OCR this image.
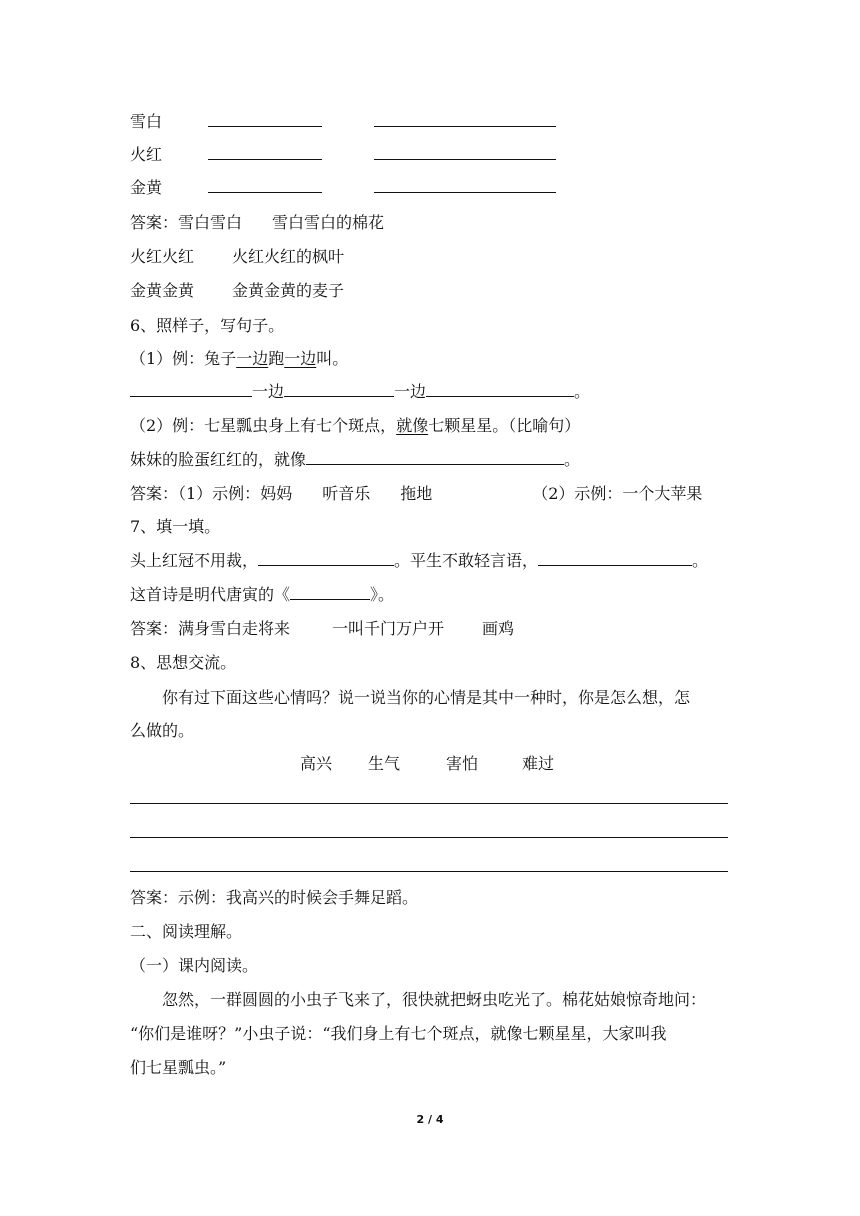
雪白
火红
金黄
答案：雪白雪白 雪白雪白的棉花
火红火红 火红火红的枫叶
金黄金黄 金黄金黄的麦子
6、照样子，写句子。
（1）例：兔子一边跑一边叫。
一边	一边	。
（2）例：七星瓢虫身上有七个斑点，就像七颗星星。（比喻句）
妹妹的脸蛋红红的，就像	。
答案：（1）示例：妈妈 听音乐 拖地	（2）示例：一个大苹果
7、填一填。
头上红冠不用裁，	。平生不敢轻言语，	。
这首诗是明代唐寅的《	》。
答案：满身雪白走将来	一叫千门万户开 画鸡
8、思想交流。
你有过下面这些心情吗？说一说当你的心情是其中一种时，你是怎么想，怎
么做的。
高兴 生气	害怕	难过
答案：示例：我高兴的时候会手舞足蹈。
二、阅读理解。
（一）课内阅读。
忽然，一群圆圆的小虫子飞来了，很快就把蚜虫吃光了。棉花姑娘惊奇地问：
“你们是谁呀？”小虫子说：“我们身上有七个斑点，就像七颗星星，大家叫我
们七星瓢虫。”
2 / 4
